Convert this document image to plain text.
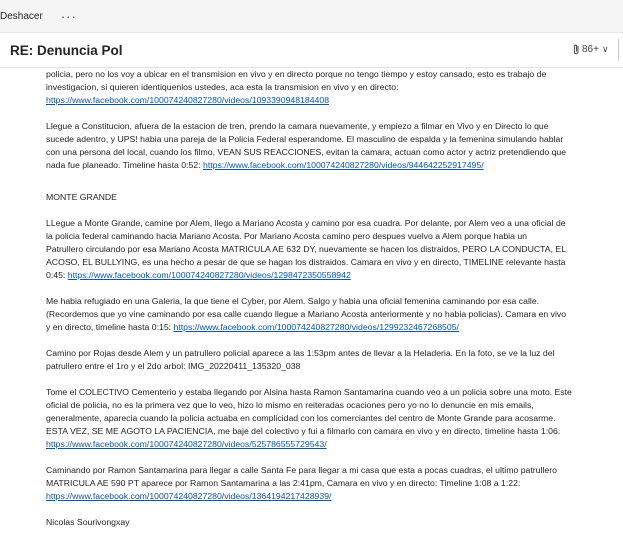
Deshacer	···
RE: Denuncia Pol	86+ ∨

policia, pero no los voy a ubicar en el transmision en vivo y en directo porque no tengo tiempo y estoy cansado, esto es trabajo de
investigacion, si quieren identiquenlos ustedes, aca esta la transmision en vivo y en directo:
https://www.facebook.com/100074240827280/videos/1093390948184408

Llegue a Constitucion, afuera de la estacion de tren, prendo la camara nuevamente, y empiezo a filmar en Vivo y en Directo lo que
sucede adentro, y UPS! habia una pareja de la Policia Federal esperandome. El masculino de espalda y la femenina simulando hablar
con una persona del local, cuando los filmo, VEAN SUS REACCIONES, evitan la camara, actuan como actor y actriz pretendiendo que
nada fue planeado. Timeline hasta 0:52: https://www.facebook.com/100074240827280/videos/944642252917495/

MONTE GRANDE

LLegue a Monte Grande, camine por Alem, llego a Mariano Acosta y camino por esa cuadra. Por delante, por Alem veo a una oficial de
la policia federal caminando hacia Mariano Acosta. Por Mariano Acosta camino pero despues vuelvo a Alem porque habia un
Patrullero circulando por esa Mariano Acosta MATRICULA AE 632 DY, nuevamente se hacen los distraidos, PERO LA CONDUCTA, EL
ACOSO, EL BULLYING, es una hecho a pesar de que se hagan los distraidos. Camara en vivo y en directo, TIMELINE relevante hasta
0:45: https://www.facebook.com/100074240827280/videos/1298472350558942

Me habia refugiado en una Galeria, la que tiene el Cyber, por Alem. Salgo y habia una oficial femenina caminando por esa calle.
(Recordemos que yo vine caminando por esa calle cuando llegue a Mariano Acosta anteriormente y no habia policias). Camara en vivo
y en directo, timeline hasta 0:15: https://www.facebook.com/100074240827280/videos/1299232467268505/

Camino por Rojas desde Alem y un patrullero policial aparece a las 1:53pm antes de llevar a la Heladeria. En la foto, se ve la luz del
patrullero entre el 1ro y el 2do arbol: IMG_20220411_135320_038

Tome el COLECTIVO Cementerio y estaba llegando por Alsina hasta Ramon Santamarina cuando veo a un policia sobre una moto. Este
oficial de policia, no es la primera vez que lo veo, hizo lo mismo en reiteradas ocaciones pero yo no lo denuncie en mis emails,
generalmente, aparecia cuando la policia actuaba en complicidad con los comerciantes del centro de Monte Grande para acosarme.
ESTA VEZ, SE ME AGOTO LA PACIENCIA, me baje del colectivo y fui a filmarlo con camara en vivo y en directo, timeline hasta 1:06:
https://www.facebook.com/100074240827280/videos/525786555729543/

Caminando por Ramon Santamarina para llegar a calle Santa Fe para llegar a mi casa que esta a pocas cuadras, el ultimo patrullero
MATRICULA AE 590 PT aparece por Ramon Santamarina a las 2:41pm, Camara en vivo y en directo: Timeline 1:08 a 1:22:
https://www.facebook.com/100074240827280/videos/1364194217428939/

Nicolas Sourivongxay
